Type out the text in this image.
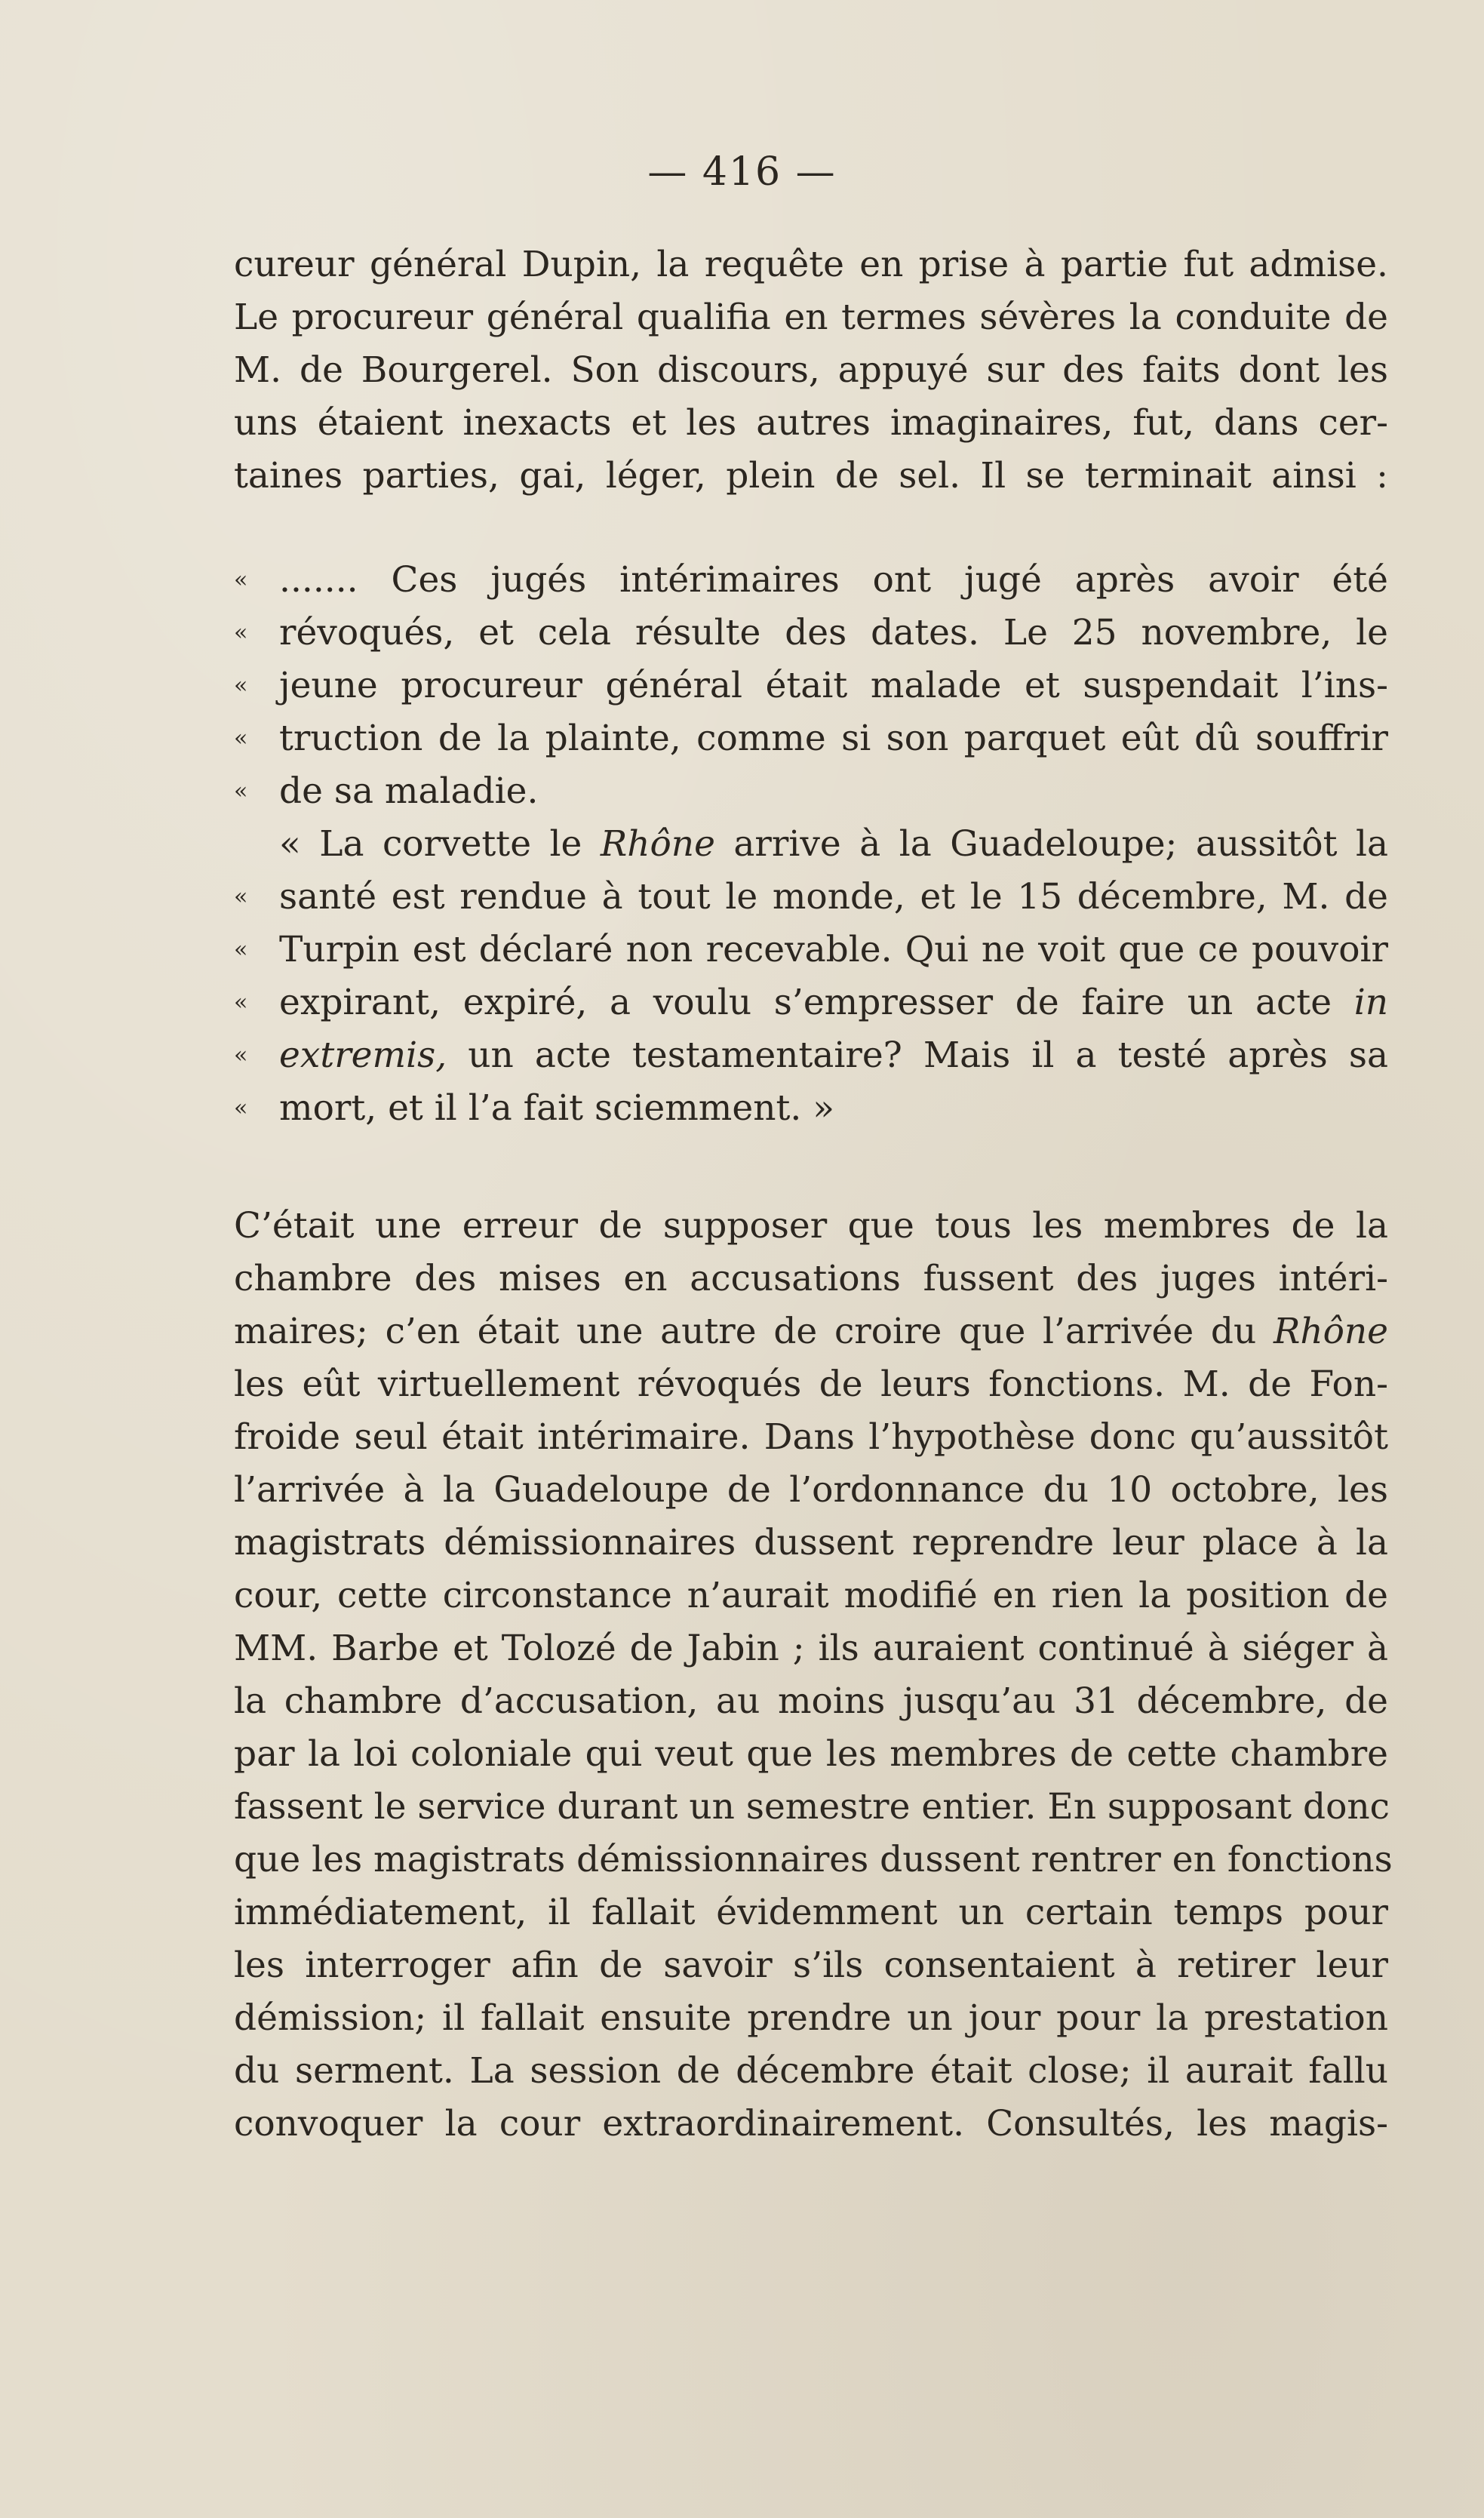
— 416 —
cureur général Dupin, la requête en prise à partie fut admise.
Le procureur général qualifia en termes sévères la conduite de
M. de Bourgerel. Son discours, appuyé sur des faits dont les
uns étaient inexacts et les autres imaginaires, fut, dans cer-
taines parties, gai, léger, plein de sel. Il se terminait ainsi :
«
«
«
«
«
«
«
«
«
«
....... Ces jugés intérimaires ont jugé après avoir été
révoqués, et cela résulte des dates. Le 25 novembre, le
jeune procureur général était malade et suspendait l’ins-
truction de la plainte, comme si son parquet eût dû souffrir
de sa maladie.
« La corvette le Rhône arrive à la Guadeloupe; aussitôt la
santé est rendue à tout le monde, et le 15 décembre, M. de
Turpin est déclaré non recevable. Qui ne voit que ce pouvoir
expirant, expiré, a voulu s’empresser de faire un acte in
extremis, un acte testamentaire? Mais il a testé après sa
mort, et il l’a fait sciemment. »
C’était une erreur de supposer que tous les membres de la
chambre des mises en accusations fussent des juges intéri-
maires; c’en était une autre de croire que l’arrivée du Rhône
les eût virtuellement révoqués de leurs fonctions. M. de Fon-
froide seul était intérimaire. Dans l’hypothèse donc qu’aussitôt
l’arrivée à la Guadeloupe de l’ordonnance du 10 octobre, les
magistrats démissionnaires dussent reprendre leur place à la
cour, cette circonstance n’aurait modifié en rien la position de
MM. Barbe et Tolozé de Jabin ; ils auraient continué à siéger à
la chambre d’accusation, au moins jusqu’au 31 décembre, de
par la loi coloniale qui veut que les membres de cette chambre
fassent le service durant un semestre entier. En supposant donc
que les magistrats démissionnaires dussent rentrer en fonctions
immédiatement, il fallait évidemment un certain temps pour
les interroger afin de savoir s’ils consentaient à retirer leur
démission; il fallait ensuite prendre un jour pour la prestation
du serment. La session de décembre était close; il aurait fallu
convoquer la cour extraordinairement. Consultés, les magis-
